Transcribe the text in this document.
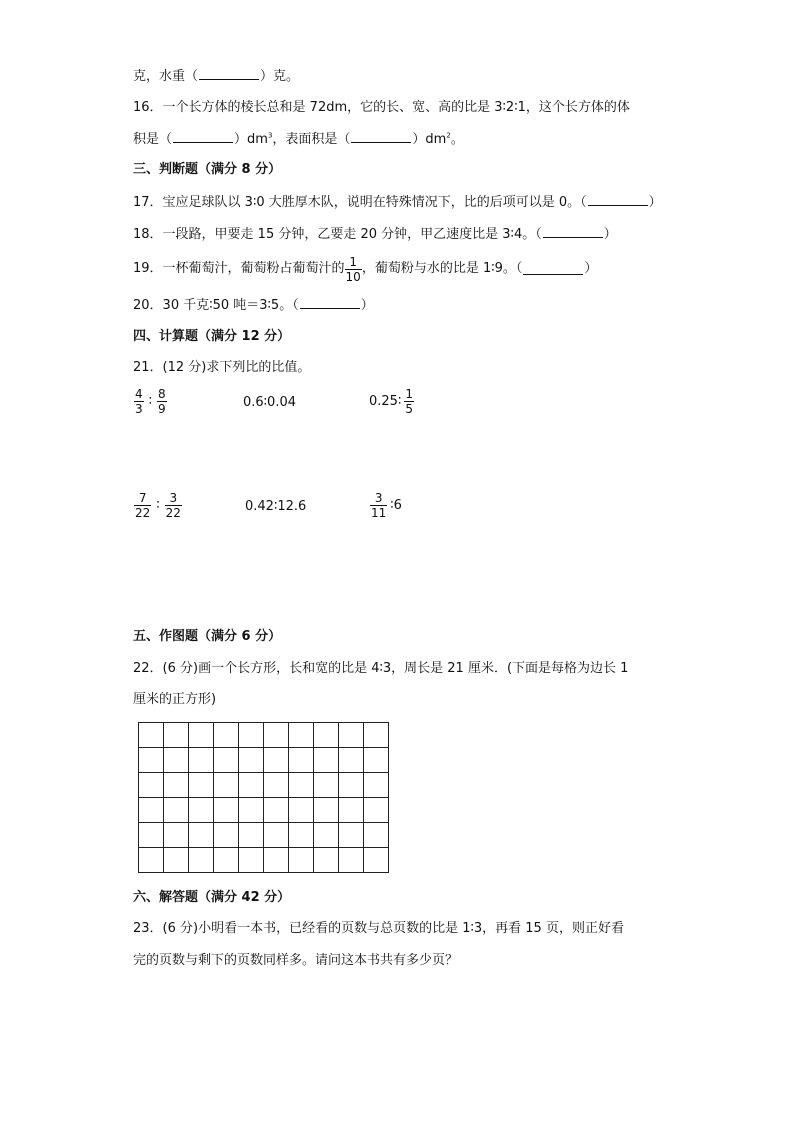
克，水重（	）克。
16．一个长方体的棱长总和是 72dm，它的长、宽、高的比是 3∶2∶1，这个长方体的体
积是（	）$dm^3$，表面积是（	）$dm^2$。
三、判断题（满分 8 分）
17．宝应足球队以 3∶0 大胜厚木队，说明在特殊情况下，比的后项可以是 0。（	）
18．一段路，甲要走 15 分钟，乙要走 20 分钟，甲乙速度比是 3∶4。（	）
19．一杯葡萄汁，葡萄粉占葡萄汁的 $\frac{1}{10}$ ，葡萄粉与水的比是 1∶9。（	）
20．30 千克∶50 吨＝3∶5。（	）
四、计算题（满分 12 分）
21．(12 分)求下列比的比值。
$\frac{4}{3}$ ∶ $\frac{8}{9}$	0.6∶0.04	0.25∶ $\frac{1}{5}$
$\frac{7}{22}$ ∶ $\frac{3}{22}$	0.42∶12.6	$\frac{3}{11}$ ∶6
五、作图题（满分 6 分）
22．(6 分)画一个长方形，长和宽的比是 4∶3，周长是 21 厘米．(下面是每格为边长 1
厘米的正方形)
六、解答题（满分 42 分）
23．(6 分)小明看一本书，已经看的页数与总页数的比是 1∶3，再看 15 页，则正好看
完的页数与剩下的页数同样多。请问这本书共有多少页？
